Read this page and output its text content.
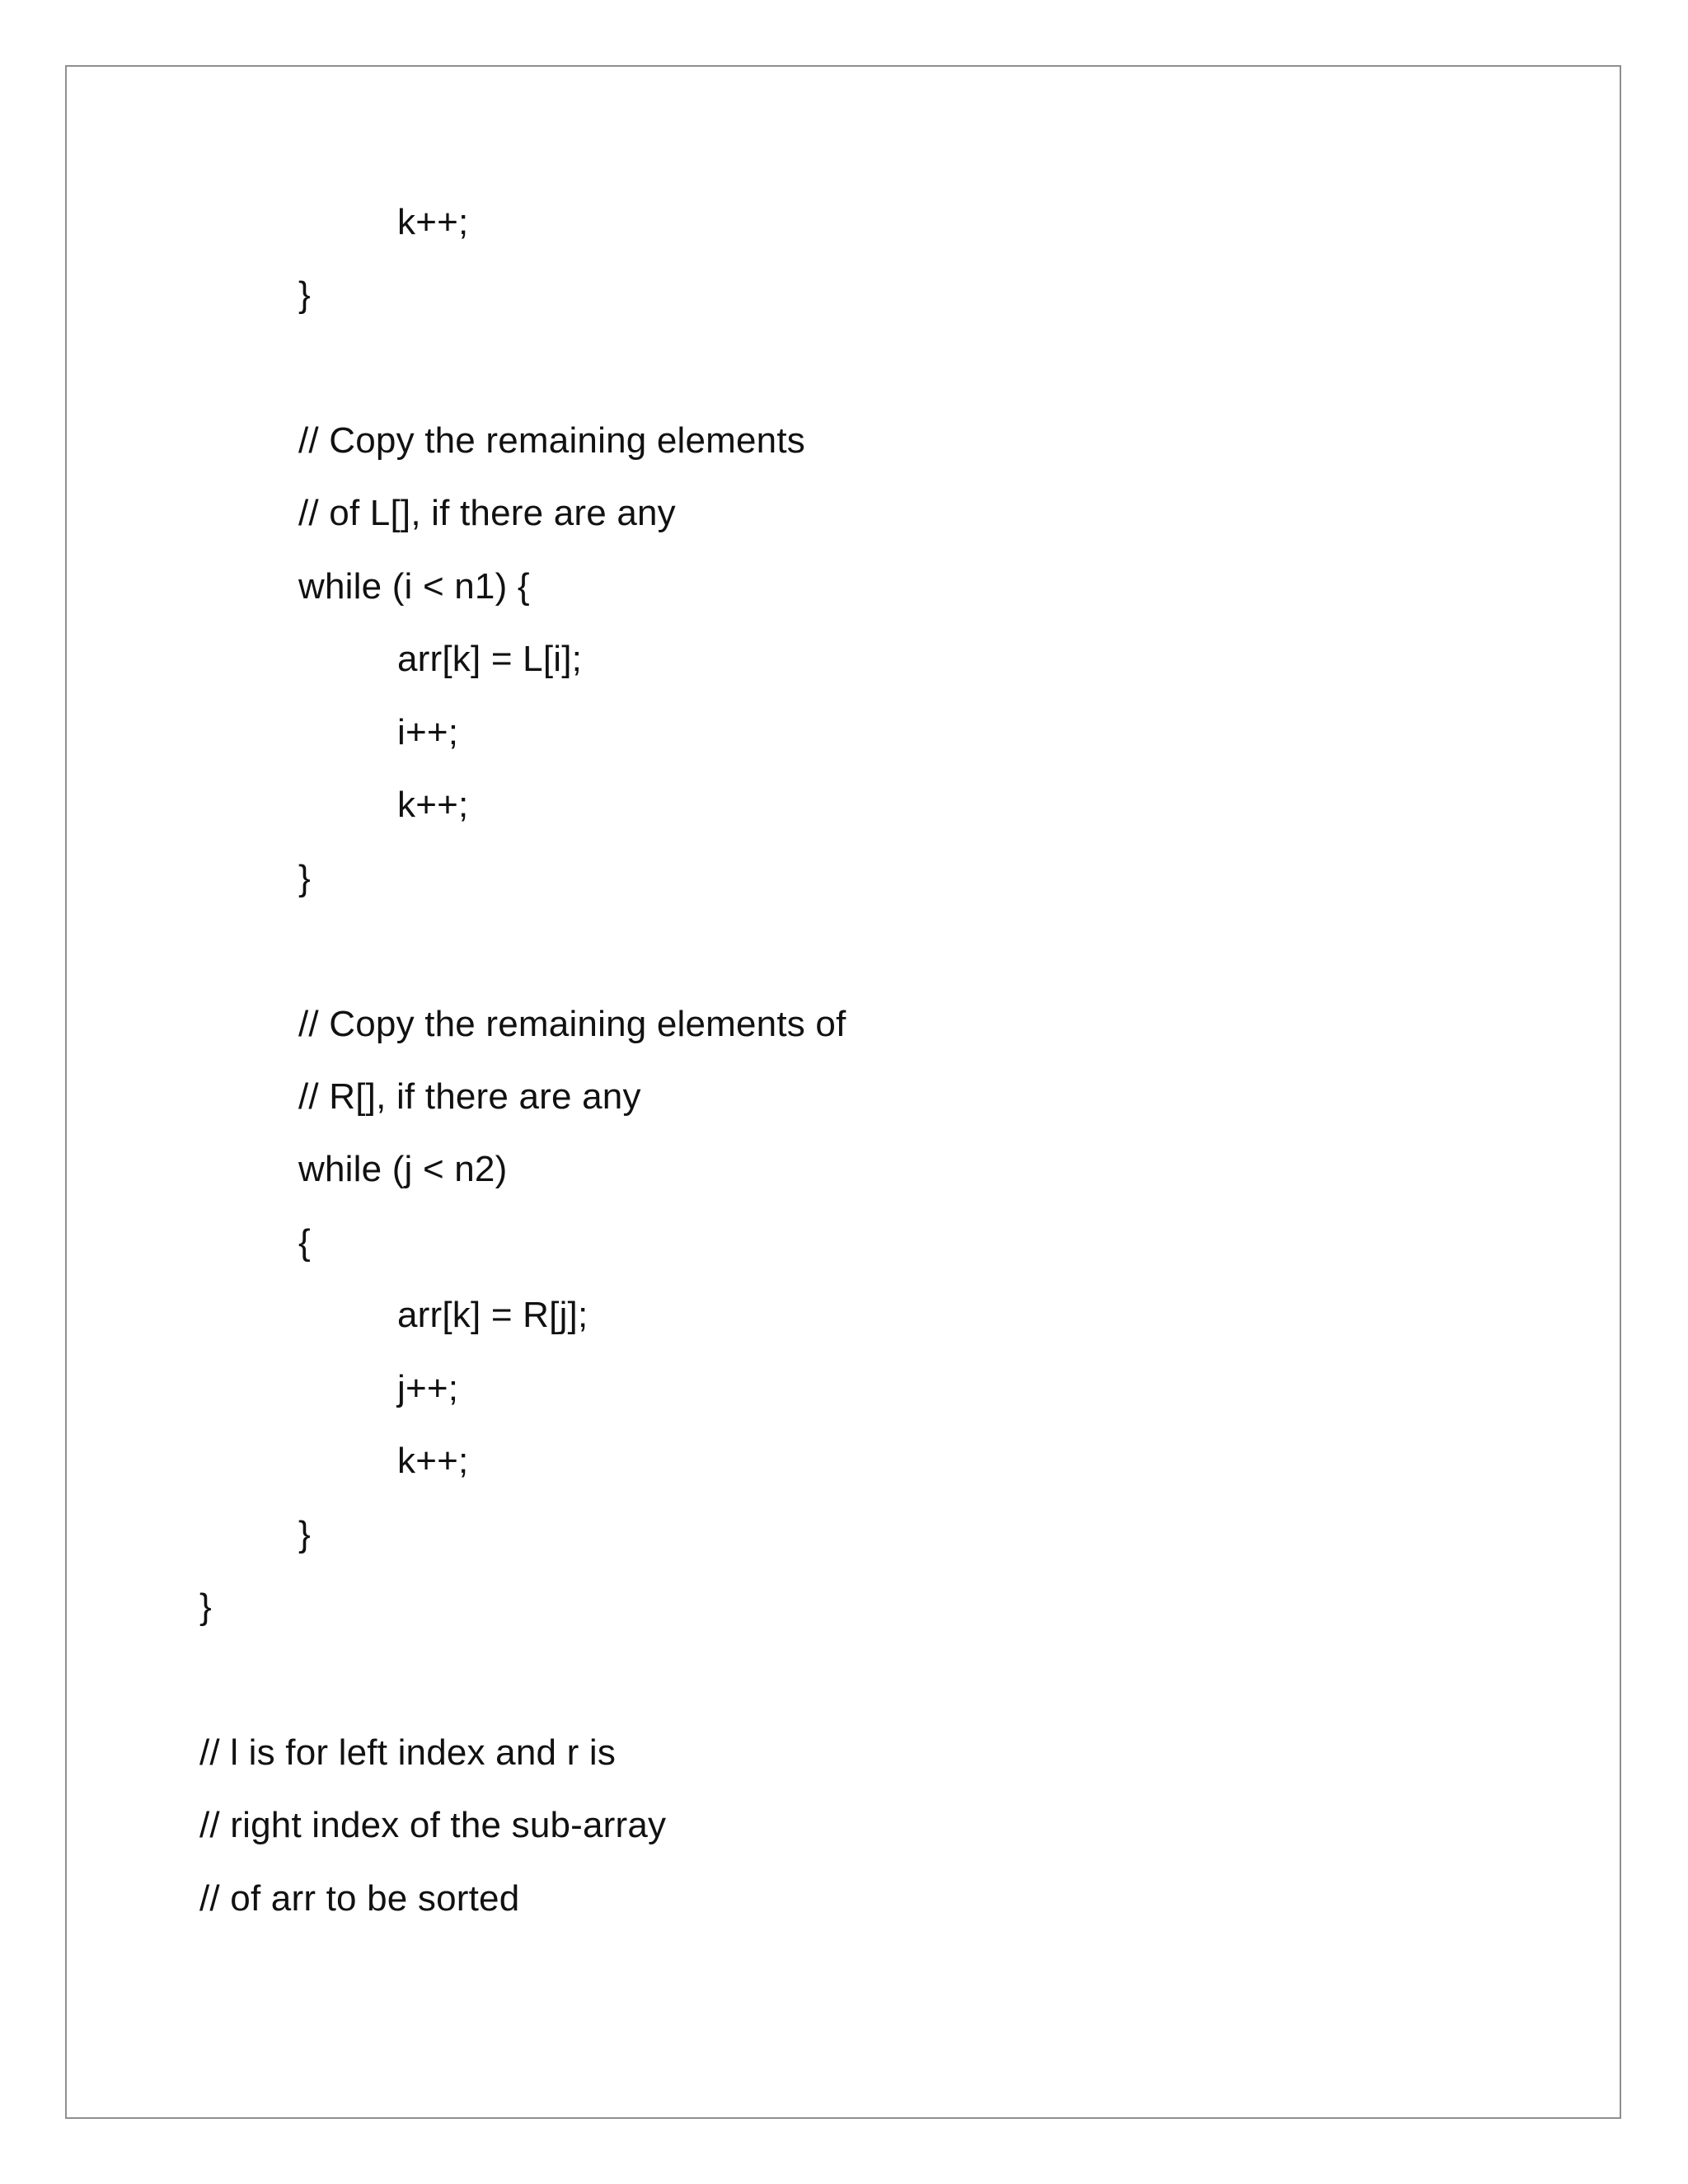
k++;
}
// Copy the remaining elements
// of L[], if there are any
while (i < n1) {
arr[k] = L[i];
i++;
k++;
}
// Copy the remaining elements of
// R[], if there are any
while (j < n2)
{
arr[k] = R[j];
j++;
k++;
}
}
// l is for left index and r is
// right index of the sub-array
// of arr to be sorted
